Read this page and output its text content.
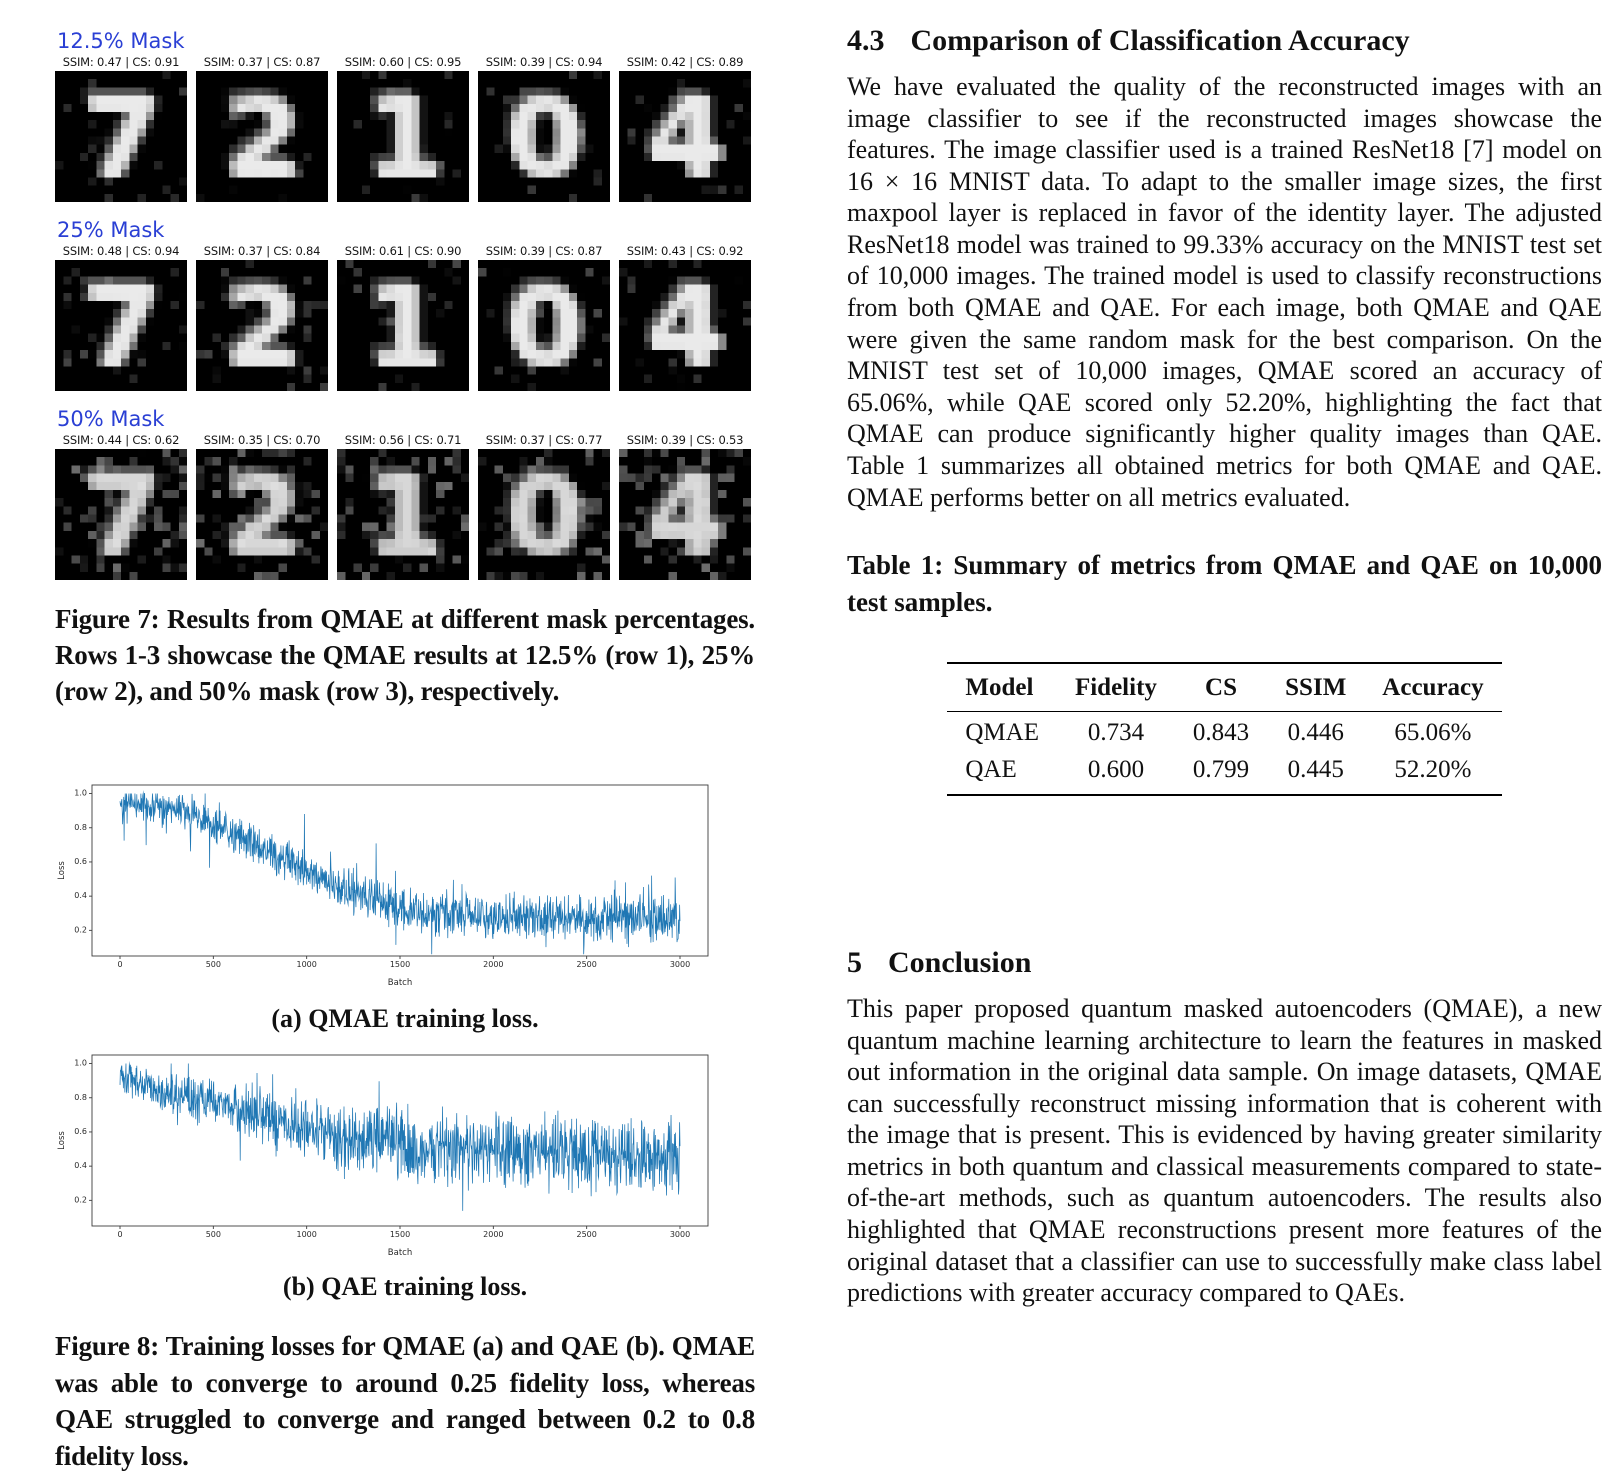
12.5% Mask
SSIM: 0.47 | CS: 0.91	SSIM: 0.37 | CS: 0.87	SSIM: 0.60 | CS: 0.95	SSIM: 0.39 | CS: 0.94	SSIM: 0.42 | CS: 0.89
25% Mask
SSIM: 0.48 | CS: 0.94	SSIM: 0.37 | CS: 0.84	SSIM: 0.61 | CS: 0.90	SSIM: 0.39 | CS: 0.87	SSIM: 0.43 | CS: 0.92
50% Mask
SSIM: 0.44 | CS: 0.62	SSIM: 0.35 | CS: 0.70	SSIM: 0.56 | CS: 0.71	SSIM: 0.37 | CS: 0.77	SSIM: 0.39 | CS: 0.53
Figure 7: Results from QMAE at different mask percentages. Rows 1-3 showcase the QMAE results at 12.5% (row 1), 25% (row 2), and 50% mask (row 3), respectively.
(a) QMAE training loss.
(b) QAE training loss.
Figure 8: Training losses for QMAE (a) and QAE (b). QMAE was able to converge to around 0.25 fidelity loss, whereas QAE struggled to converge and ranged between 0.2 to 0.8 fidelity loss.
4.3 Comparison of Classification Accuracy

We have evaluated the quality of the reconstructed images with an image classifier to see if the reconstructed images showcase the features. The image classifier used is a trained ResNet18 [7] model on 16 × 16 MNIST data. To adapt to the smaller image sizes, the first maxpool layer is replaced in favor of the identity layer. The adjusted ResNet18 model was trained to 99.33% accuracy on the MNIST test set of 10,000 images. The trained model is used to classify reconstructions from both QMAE and QAE. For each image, both QMAE and QAE were given the same random mask for the best comparison. On the MNIST test set of 10,000 images, QMAE scored an accuracy of 65.06%, while QAE scored only 52.20%, highlighting the fact that QMAE can produce significantly higher quality images than QAE. Table 1 summarizes all obtained metrics for both QMAE and QAE. QMAE performs better on all metrics evaluated.

Table 1: Summary of metrics from QMAE and QAE on 10,000 test samples.

Model	Fidelity	CS	SSIM	Accuracy
QMAE	0.734	0.843	0.446	65.06%
QAE	0.600	0.799	0.445	52.20%
5 Conclusion

This paper proposed quantum masked autoencoders (QMAE), a new quantum machine learning architecture to learn the features in masked out information in the original data sample. On image datasets, QMAE can successfully reconstruct missing information that is coherent with the image that is present. This is evidenced by having greater similarity metrics in both quantum and classical measurements compared to state-of-the-art methods, such as quantum autoencoders. The results also highlighted that QMAE reconstructions present more features of the original dataset that a classifier can use to successfully make class label predictions with greater accuracy compared to QAEs.
